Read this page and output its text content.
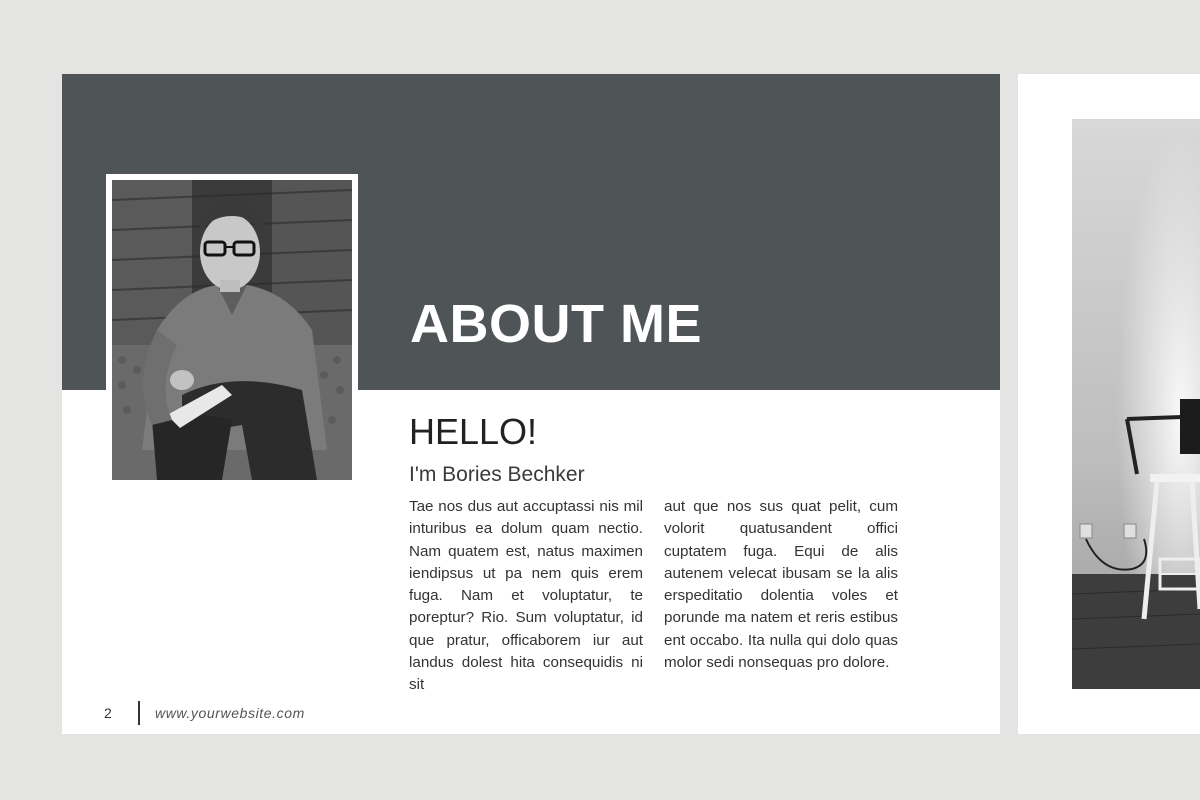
ABOUT ME
HELLO!
I'm Bories Bechker
Tae nos dus aut accuptassi nis mil inturibus ea dolum quam nectio. Nam quatem est, natus maximen iendipsus ut pa nem quis erem fuga. Nam et voluptatur, te poreptur? Rio. Sum voluptatur, id que pratur, officaborem iur aut landus dolest hita consequidis ni sit
aut que nos sus quat pelit, cum volorit quatusandent offici cuptatem fuga. Equi de alis autenem velecat ibusam se la alis erspeditatio dolentia voles et porunde ma natem et reris estibus ent occabo. Ita nulla qui dolo quas molor sedi nonsequas pro dolore.
2	www.yourwebsite.com
